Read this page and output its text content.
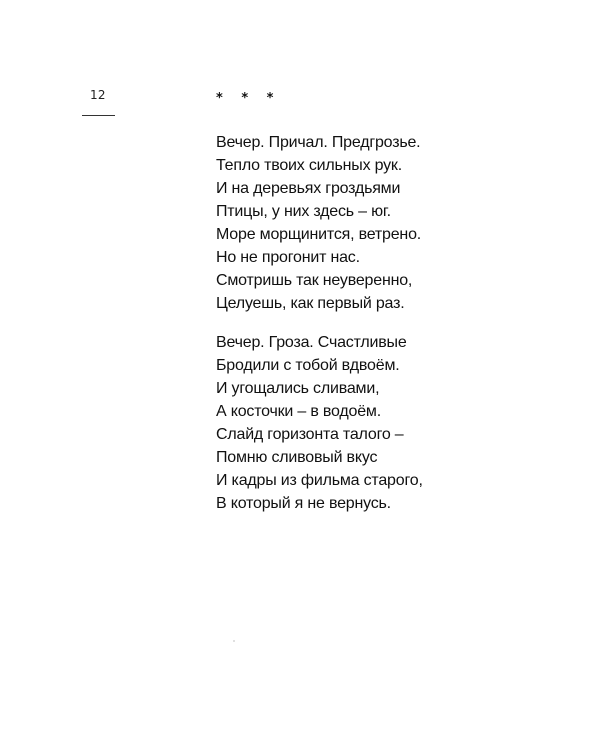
12	* * *
Вечер. Причал. Предгрозье.
Тепло твоих сильных рук.
И на деревьях гроздьями
Птицы, у них здесь – юг.
Море морщинится, ветрено.
Но не прогонит нас.
Смотришь так неуверенно,
Целуешь, как первый раз.
Вечер. Гроза. Счастливые
Бродили с тобой вдвоём.
И угощались сливами,
А косточки – в водоём.
Слайд горизонта талого –
Помню сливовый вкус
И кадры из фильма старого,
В который я не вернусь.
